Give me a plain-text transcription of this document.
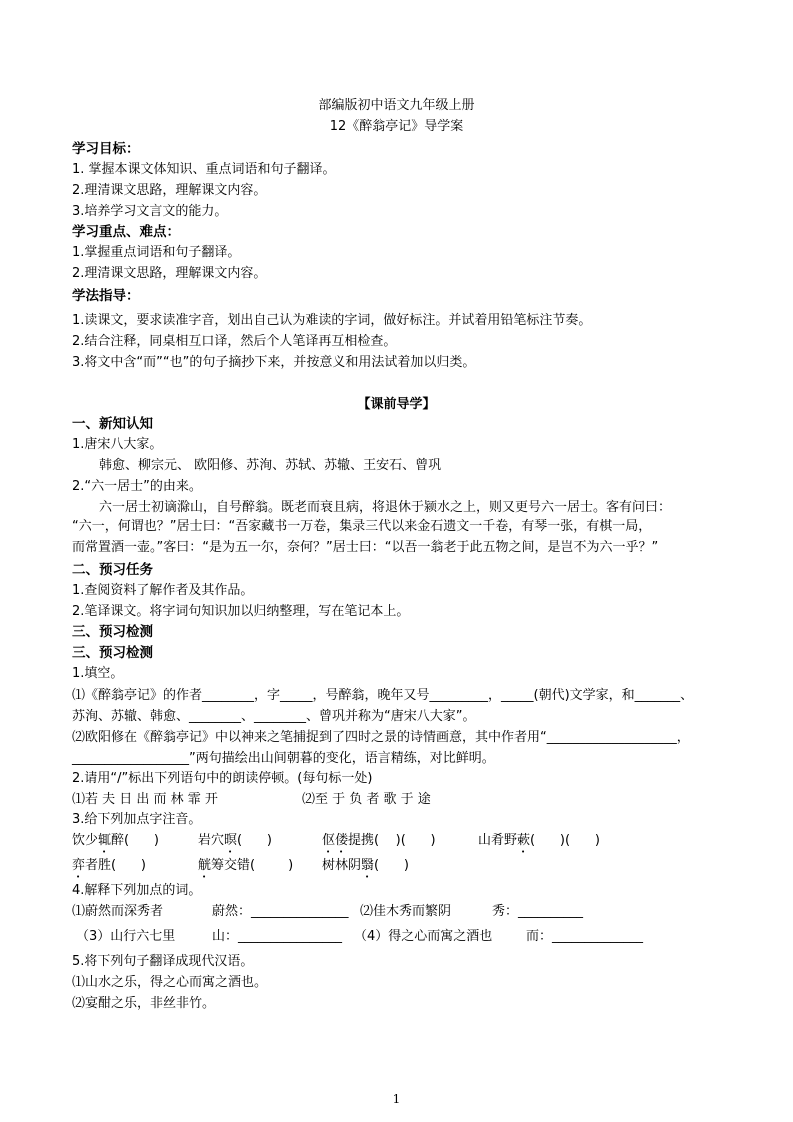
部编版初中语文九年级上册
12《醉翁亭记》导学案
学习目标：
1. 掌握本课文体知识、重点词语和句子翻译。
2.理清课文思路，理解课文内容。
3.培养学习文言文的能力。
学习重点、难点：
1.掌握重点词语和句子翻译。
2.理清课文思路，理解课文内容。
学法指导：
1.读课文，要求读准字音，划出自己认为难读的字词，做好标注。并试着用铅笔标注节奏。
2.结合注释，同桌相互口译，然后个人笔译再互相检查。
3.将文中含“而”“也”的句子摘抄下来，并按意义和用法试着加以归类。
【课前导学】
一、新知认知
1.唐宋八大家。
韩愈、柳宗元、 欧阳修、苏洵、苏轼、苏辙、王安石、曾巩
2.“六一居士”的由来。
六一居士初谪滁山，自号醉翁。既老而衰且病，将退休于颍水之上，则又更号六一居士。客有问曰：
“六一，何谓也？”居士曰：“吾家藏书一万卷，集录三代以来金石遗文一千卷，有琴一张，有棋一局，
而常置酒一壶。”客曰：“是为五一尔，奈何？”居士曰：“以吾一翁老于此五物之间，是岂不为六一乎？”
二、预习任务
1.查阅资料了解作者及其作品。
2.笔译课文。将字词句知识加以归纳整理，写在笔记本上。
三、预习检测
三、预习检测
1.填空。
⑴《醉翁亭记》的作者________，字_____，号醉翁，晚年又号_________，_____(朝代)文学家，和_______、
苏洵、苏辙、韩愈、________、________、曾巩并称为“唐宋八大家”。
⑵欧阳修在《醉翁亭记》中以神来之笔捕捉到了四时之景的诗情画意，其中作者用“____________________，
__________________”两句描绘出山间朝暮的变化，语言精练，对比鲜明。
2.请用“/”标出下列语句中的朗读停顿。(每句标一处)
⑴若 夫 日 出 而 林 霏 开	⑵至 于 负 者 歌 于 途
3.给下列加点字注音。
饮少辄醉(      )	岩穴暝(      )	伛偻提携(    )(      )	山肴野蔌(      )(      )
弈者胜(      )	觥筹交错(        ) 树林阴翳(      )
4.解释下列加点的词。
⑴蔚然而深秀者	蔚然：_______________ ⑵佳木秀而繁阴	秀：__________
（3）山行六七里	山：________________ （4）得之心而寓之酒也	而：______________
5.将下列句子翻译成现代汉语。
⑴山水之乐，得之心而寓之酒也。
⑵宴酣之乐，非丝非竹。
1
